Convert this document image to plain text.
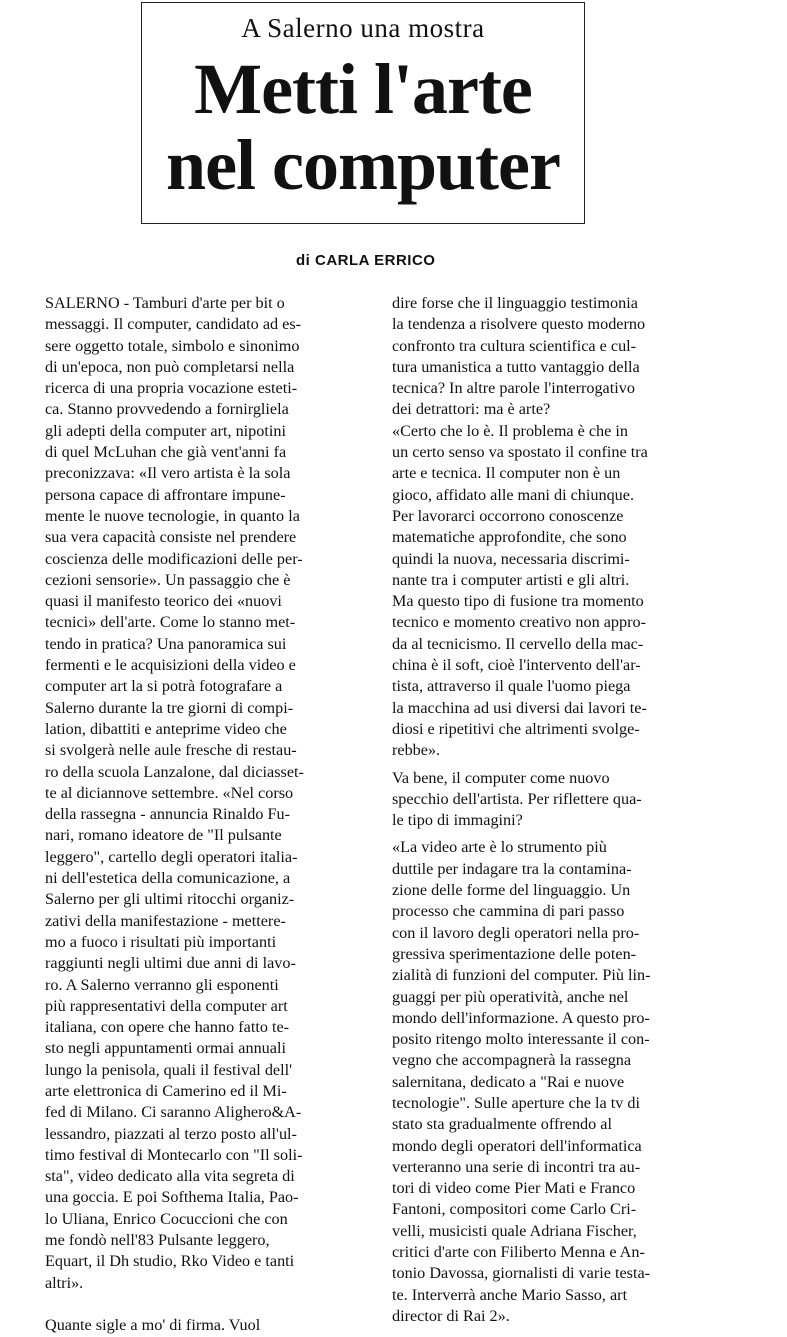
A Salerno una mostra
Metti l'arte
nel computer
di CARLA ERRICO
SALERNO - Tamburi d'arte per bit o
messaggi. Il computer, candidato ad es-
sere oggetto totale, simbolo e sinonimo
di un'epoca, non può completarsi nella
ricerca di una propria vocazione esteti-
ca. Stanno provvedendo a fornirgliela
gli adepti della computer art, nipotini
di quel McLuhan che già vent'anni fa
preconizzava: «Il vero artista è la sola
persona capace di affrontare impune-
mente le nuove tecnologie, in quanto la
sua vera capacità consiste nel prendere
coscienza delle modificazioni delle per-
cezioni sensorie». Un passaggio che è
quasi il manifesto teorico dei «nuovi
tecnici» dell'arte. Come lo stanno met-
tendo in pratica? Una panoramica sui
fermenti e le acquisizioni della video e
computer art la si potrà fotografare a
Salerno durante la tre giorni di compi-
lation, dibattiti e anteprime video che
si svolgerà nelle aule fresche di restau-
ro della scuola Lanzalone, dal diciasset-
te al diciannove settembre. «Nel corso
della rassegna - annuncia Rinaldo Fu-
nari, romano ideatore de "Il pulsante
leggero", cartello degli operatori italia-
ni dell'estetica della comunicazione, a
Salerno per gli ultimi ritocchi organiz-
zativi della manifestazione - mettere-
mo a fuoco i risultati più importanti
raggiunti negli ultimi due anni di lavo-
ro. A Salerno verranno gli esponenti
più rappresentativi della computer art
italiana, con opere che hanno fatto te-
sto negli appuntamenti ormai annuali
lungo la penisola, quali il festival dell'
arte elettronica di Camerino ed il Mi-
fed di Milano. Ci saranno Alighero&A-
lessandro, piazzati al terzo posto all'ul-
timo festival di Montecarlo con "Il soli-
sta", video dedicato alla vita segreta di
una goccia. E poi Softhema Italia, Pao-
lo Uliana, Enrico Cocuccioni che con
me fondò nell'83 Pulsante leggero,
Equart, il Dh studio, Rko Video e tanti
altri».
Quante sigle a mo' di firma. Vuol
dire forse che il linguaggio testimonia
la tendenza a risolvere questo moderno
confronto tra cultura scientifica e cul-
tura umanistica a tutto vantaggio della
tecnica? In altre parole l'interrogativo
dei detrattori: ma è arte?
«Certo che lo è. Il problema è che in
un certo senso va spostato il confine tra
arte e tecnica. Il computer non è un
gioco, affidato alle mani di chiunque.
Per lavorarci occorrono conoscenze
matematiche approfondite, che sono
quindi la nuova, necessaria discrimi-
nante tra i computer artisti e gli altri.
Ma questo tipo di fusione tra momento
tecnico e momento creativo non appro-
da al tecnicismo. Il cervello della mac-
china è il soft, cioè l'intervento dell'ar-
tista, attraverso il quale l'uomo piega
la macchina ad usi diversi dai lavori te-
diosi e ripetitivi che altrimenti svolge-
rebbe».
Va bene, il computer come nuovo
specchio dell'artista. Per riflettere qua-
le tipo di immagini?
«La video arte è lo strumento più
duttile per indagare tra la contamina-
zione delle forme del linguaggio. Un
processo che cammina di pari passo
con il lavoro degli operatori nella pro-
gressiva sperimentazione delle poten-
zialità di funzioni del computer. Più lin-
guaggi per più operatività, anche nel
mondo dell'informazione. A questo pro-
posito ritengo molto interessante il con-
vegno che accompagnerà la rassegna
salernitana, dedicato a "Rai e nuove
tecnologie". Sulle aperture che la tv di
stato sta gradualmente offrendo al
mondo degli operatori dell'informatica
verteranno una serie di incontri tra au-
tori di video come Pier Mati e Franco
Fantoni, compositori come Carlo Cri-
velli, musicisti quale Adriana Fischer,
critici d'arte con Filiberto Menna e An-
tonio Davossa, giornalisti di varie testa-
te. Interverrà anche Mario Sasso, art
director di Rai 2».
